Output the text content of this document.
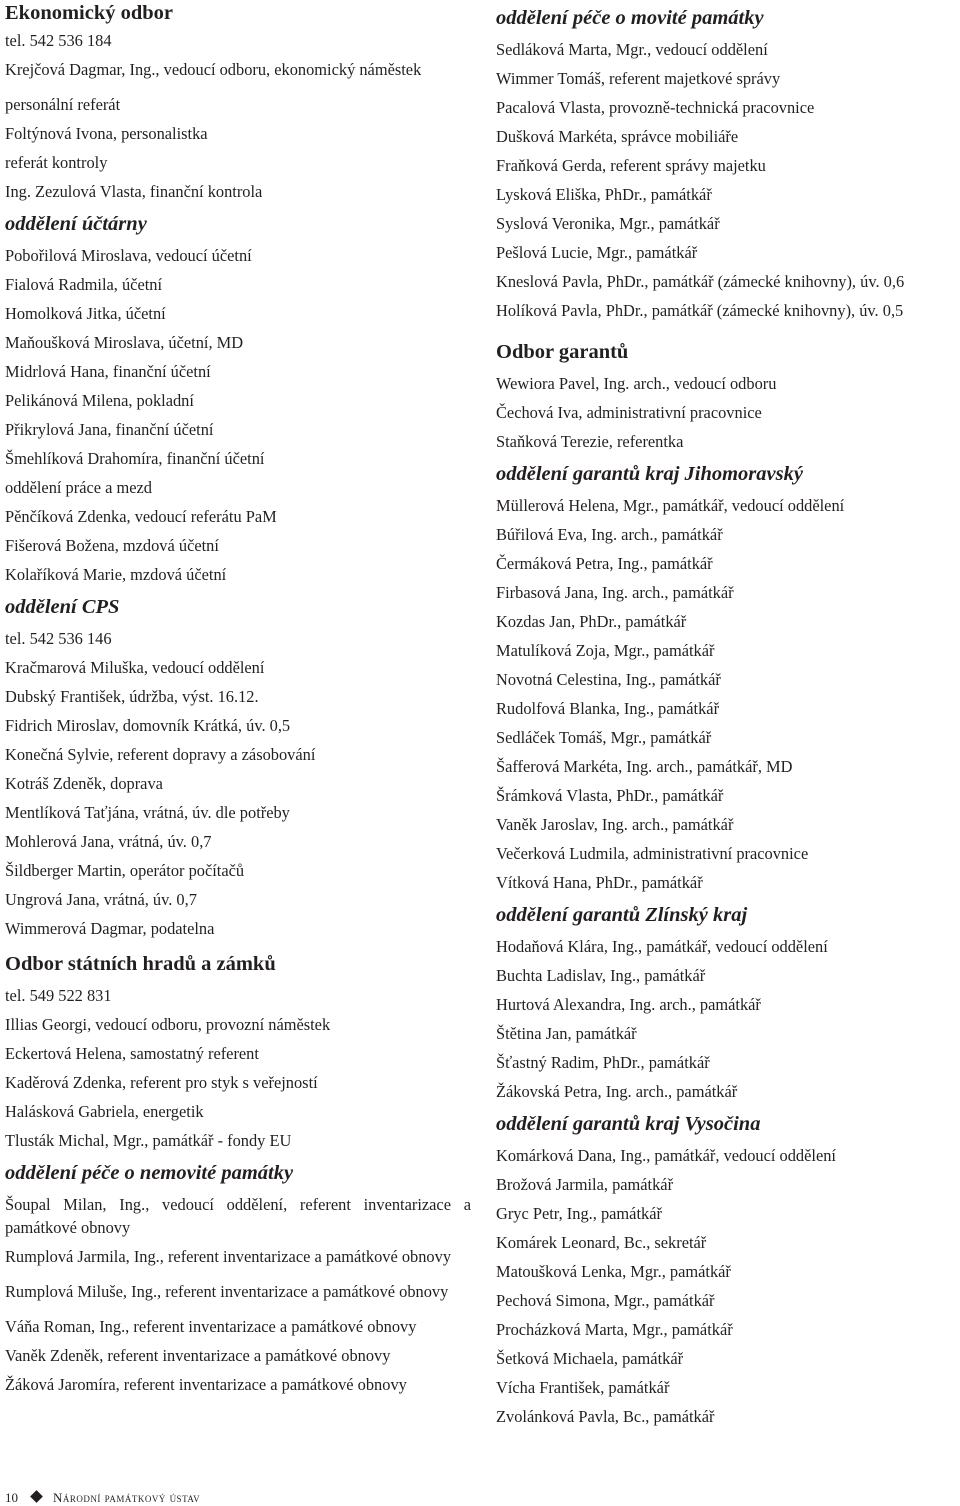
Ekonomický odbor
tel. 542 536 184
Krejčová Dagmar, Ing., vedoucí odboru, ekonomický náměstek
personální referát
Foltýnová Ivona, personalistka
referát kontroly
Ing. Zezulová Vlasta, finanční kontrola
oddělení účtárny
Pobořilová Miroslava, vedoucí účetní
Fialová Radmila, účetní
Homolková Jitka, účetní
Maňoušková Miroslava, účetní, MD
Midrlová Hana, finanční účetní
Pelikánová Milena, pokladní
Přikrylová Jana, finanční účetní
Šmehlíková Drahomíra, finanční účetní
oddělení práce a mezd
Pěnčíková Zdenka, vedoucí referátu PaM
Fišerová Božena, mzdová účetní
Kolaříková Marie, mzdová účetní
oddělení CPS
tel. 542 536 146
Kračmarová Miluška, vedoucí oddělení
Dubský František, údržba, výst. 16.12.
Fidrich Miroslav, domovník Krátká, úv. 0,5
Konečná Sylvie, referent dopravy a zásobování
Kotráš Zdeněk, doprava
Mentlíková Taťjána, vrátná, úv. dle potřeby
Mohlerová Jana, vrátná, úv. 0,7
Šildberger Martin, operátor počítačů
Ungrová Jana, vrátná, úv. 0,7
Wimmerová Dagmar, podatelna
Odbor státních hradů a zámků
tel. 549 522 831
Illias Georgi, vedoucí odboru, provozní náměstek
Eckertová Helena, samostatný referent
Kaděrová Zdenka, referent pro styk s veřejností
Halásková Gabriela, energetik
Tlusták Michal, Mgr., památkář - fondy EU
oddělení péče o nemovité památky
Šoupal Milan, Ing., vedoucí oddělení, referent inventarizace a památkové obnovy
Rumplová Jarmila, Ing., referent inventarizace a památkové obnovy
Rumplová Miluše, Ing., referent inventarizace a památkové obnovy
Váňa Roman, Ing., referent inventarizace a památkové obnovy
Vaněk Zdeněk, referent inventarizace a památkové obnovy
Žáková Jaromíra, referent inventarizace a památkové obnovy
oddělení péče o movité památky
Sedláková Marta, Mgr., vedoucí oddělení
Wimmer Tomáš, referent majetkové správy
Pacalová Vlasta, provozně-technická pracovnice
Dušková Markéta, správce mobiliáře
Fraňková Gerda, referent správy majetku
Lysková Eliška, PhDr., památkář
Syslová Veronika, Mgr., památkář
Pešlová Lucie, Mgr., památkář
Kneslová Pavla, PhDr., památkář (zámecké knihovny), úv. 0,6
Holíková Pavla, PhDr., památkář (zámecké knihovny), úv. 0,5
Odbor garantů
Wewiora Pavel, Ing. arch., vedoucí odboru
Čechová Iva, administrativní pracovnice
Staňková Terezie, referentka
oddělení garantů kraj Jihomoravský
Müllerová Helena, Mgr., památkář, vedoucí oddělení
Búřilová Eva, Ing. arch., památkář
Čermáková Petra, Ing., památkář
Firbasová Jana, Ing. arch., památkář
Kozdas Jan, PhDr., památkář
Matulíková Zoja, Mgr., památkář
Novotná Celestina, Ing., památkář
Rudolfová Blanka, Ing., památkář
Sedláček Tomáš, Mgr., památkář
Šafferová Markéta, Ing. arch., památkář, MD
Šrámková Vlasta, PhDr., památkář
Vaněk Jaroslav, Ing. arch., památkář
Večerková Ludmila, administrativní pracovnice
Vítková Hana, PhDr., památkář
oddělení garantů Zlínský kraj
Hodaňová Klára, Ing., památkář, vedoucí oddělení
Buchta Ladislav, Ing., památkář
Hurtová Alexandra, Ing. arch., památkář
Štětina Jan, památkář
Šťastný Radim, PhDr., památkář
Žákovská Petra, Ing. arch., památkář
oddělení garantů kraj Vysočina
Komárková Dana, Ing., památkář, vedoucí oddělení
Brožová Jarmila, památkář
Gryc Petr, Ing., památkář
Komárek Leonard, Bc., sekretář
Matoušková Lenka, Mgr., památkář
Pechová Simona, Mgr., památkář
Procházková Marta, Mgr., památkář
Šetková Michaela, památkář
Vícha František, památkář
Zvolánková Pavla, Bc., památkář
10	Národní památkový ústav
